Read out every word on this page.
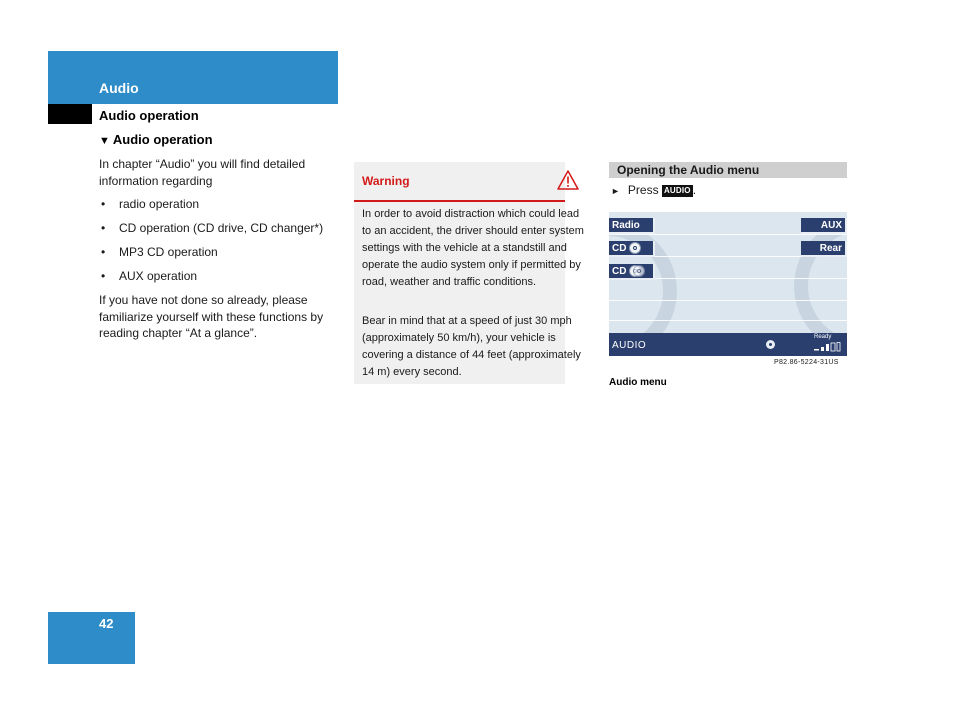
Audio
Audio operation
▼ Audio operation
In chapter “Audio” you will find detailed information regarding
• radio operation
• CD operation (CD drive, CD changer*)
• MP3 CD operation
• AUX operation
If you have not done so already, please familiarize yourself with these functions by reading chapter “At a glance”.
Warning
In order to avoid distraction which could lead to an accident, the driver should enter system settings with the vehicle at a standstill and operate the audio system only if permitted by road, weather and traffic conditions.
Bear in mind that at a speed of just 30 mph (approximately 50 km/h), your vehicle is covering a distance of 44 feet (approximately 14 m) every second.
Opening the Audio menu
► Press AUDIO .
Radio
CD
CD
AUX
Rear
AUDIO
Ready
P82.86-5224-31US
Audio menu
42
